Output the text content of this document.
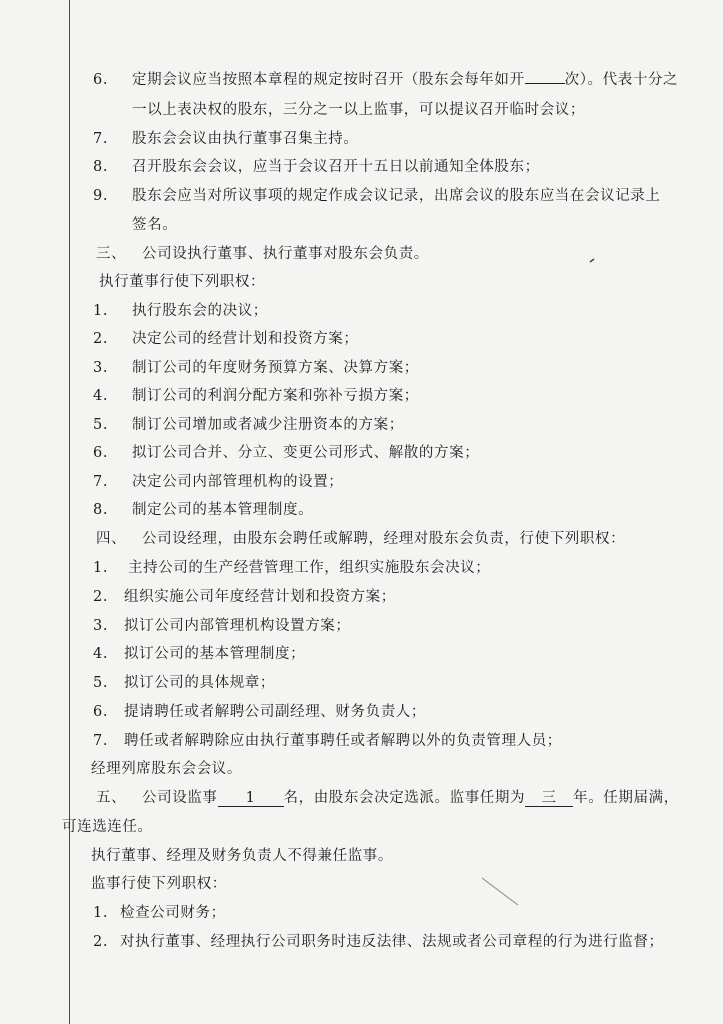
6. 定期会议应当按照本章程的规定按时召开（股东会每年如开	次）。代表十分之
一以上表决权的股东，三分之一以上监事，可以提议召开临时会议；
7. 股东会会议由执行董事召集主持。
8. 召开股东会会议，应当于会议召开十五日以前通知全体股东；
9. 股东会应当对所议事项的规定作成会议记录，出席会议的股东应当在会议记录上
签名。
三、 公司设执行董事、执行董事对股东会负责。
执行董事行使下列职权：
1. 执行股东会的决议；
2. 决定公司的经营计划和投资方案；
3. 制订公司的年度财务预算方案、决算方案；
4. 制订公司的利润分配方案和弥补亏损方案；
5. 制订公司增加或者减少注册资本的方案；
6. 拟订公司合并、分立、变更公司形式、解散的方案；
7. 决定公司内部管理机构的设置；
8. 制定公司的基本管理制度。
四、 公司设经理，由股东会聘任或解聘，经理对股东会负责，行使下列职权：
1. 主持公司的生产经营管理工作，组织实施股东会决议；
2. 组织实施公司年度经营计划和投资方案；
3. 拟订公司内部管理机构设置方案；
4. 拟订公司的基本管理制度；
5. 拟订公司的具体规章；
6. 提请聘任或者解聘公司副经理、财务负责人；
7. 聘任或者解聘除应由执行董事聘任或者解聘以外的负责管理人员；
经理列席股东会会议。
五、 公司设监事 1 名，由股东会决定选派。监事任期为 三 年。任期届满，
可连选连任。
执行董事、经理及财务负责人不得兼任监事。
监事行使下列职权：
1. 检查公司财务；
2. 对执行董事、经理执行公司职务时违反法律、法规或者公司章程的行为进行监督；
